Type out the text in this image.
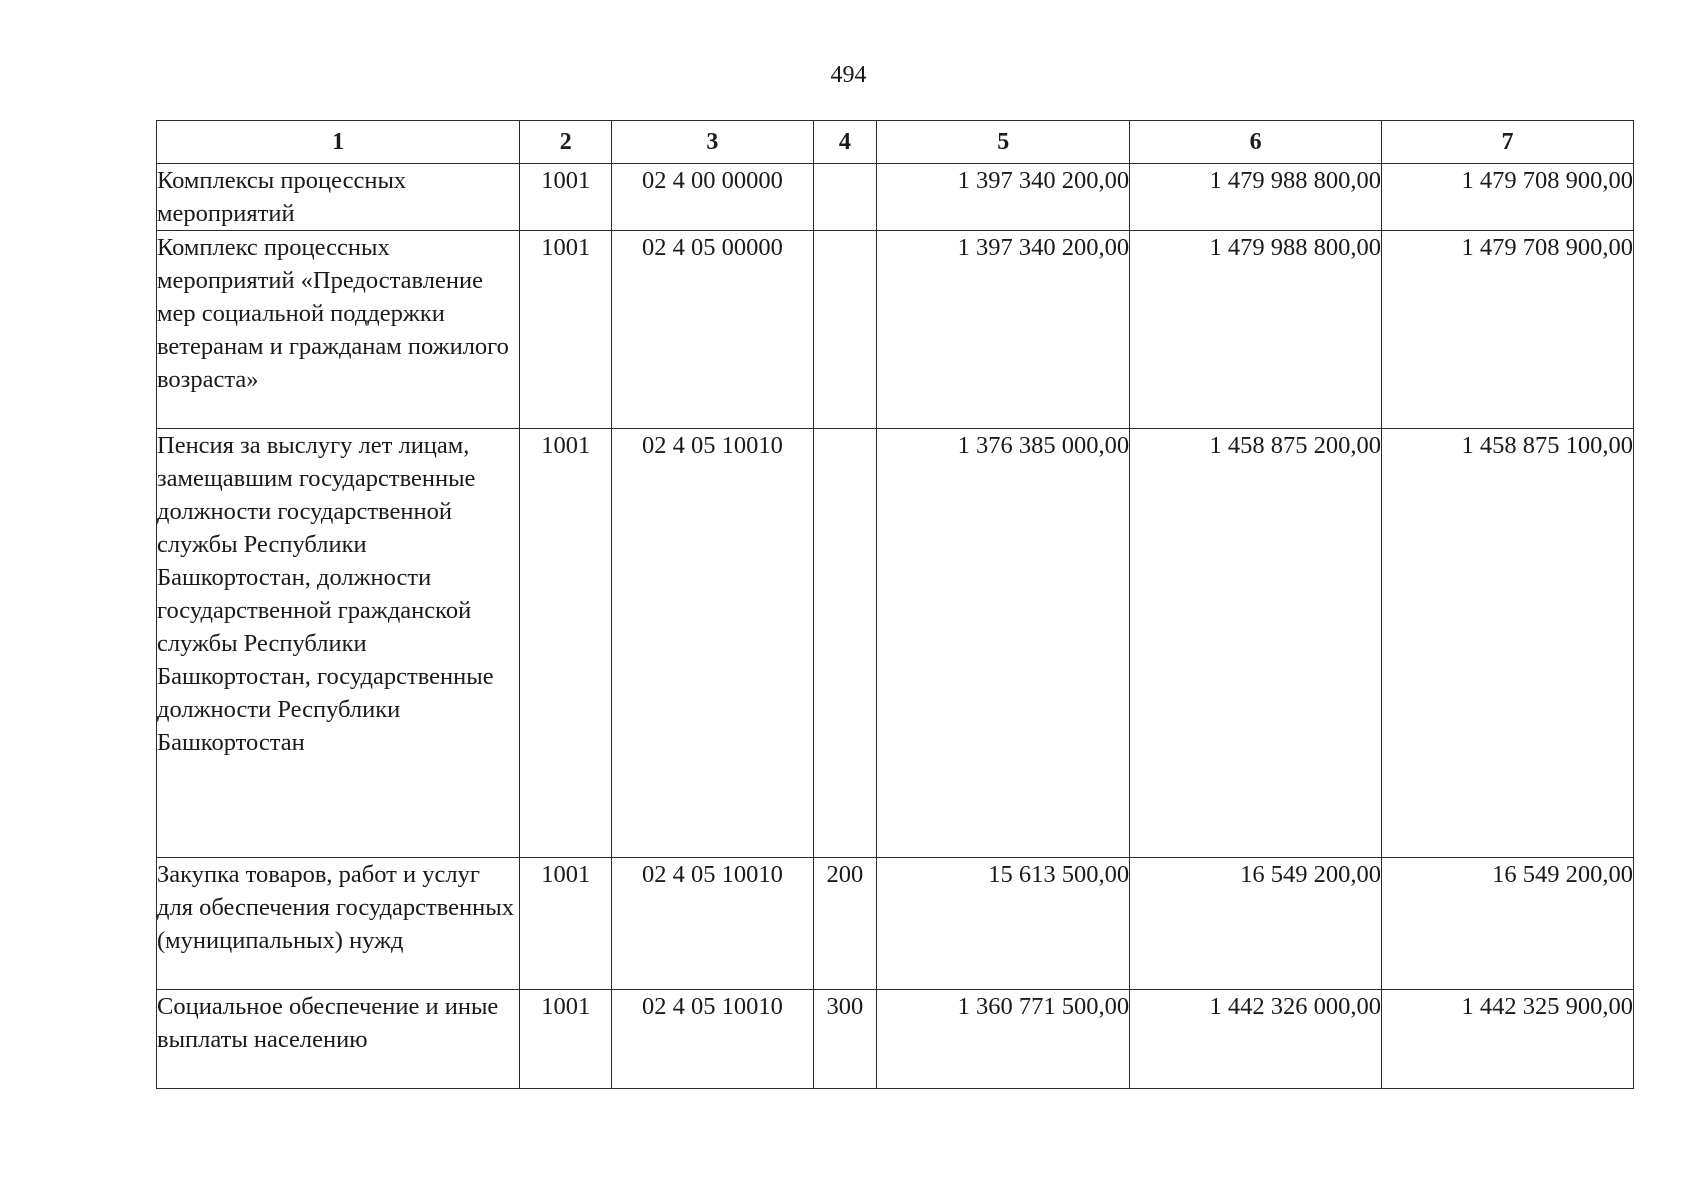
494
1	2	3	4	5	6	7
Комплексы процессных мероприятий	1001	02 4 00 00000		1 397 340 200,00	1 479 988 800,00	1 479 708 900,00
Комплекс процессных мероприятий «Предоставление мер социальной поддержки ветеранам и гражданам пожилого возраста»	1001	02 4 05 00000		1 397 340 200,00	1 479 988 800,00	1 479 708 900,00
Пенсия за выслугу лет лицам, замещавшим государственные должности государственной службы Республики Башкортостан, должности государственной гражданской службы Республики Башкортостан, государственные должности Республики Башкортостан	1001	02 4 05 10010		1 376 385 000,00	1 458 875 200,00	1 458 875 100,00
Закупка товаров, работ и услуг для обеспечения государственных (муниципальных) нужд	1001	02 4 05 10010	200	15 613 500,00	16 549 200,00	16 549 200,00
Социальное обеспечение и иные выплаты населению	1001	02 4 05 10010	300	1 360 771 500,00	1 442 326 000,00	1 442 325 900,00
